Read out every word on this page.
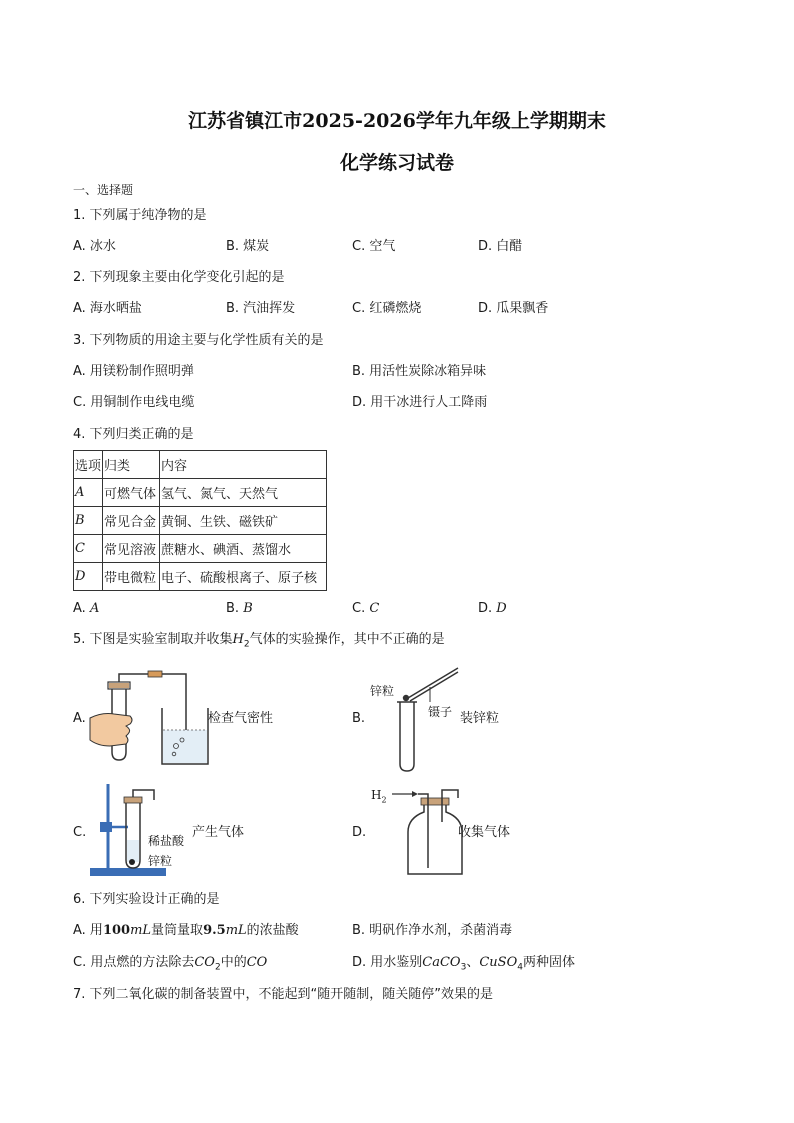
江苏省镇江市2025-2026学年九年级上学期期末
化学练习试卷
一、选择题
1. 下列属于纯净物的是
A. 冰水	B. 煤炭	C. 空气	D. 白醋
2. 下列现象主要由化学变化引起的是
A. 海水晒盐	B. 汽油挥发	C. 红磷燃烧	D. 瓜果飘香
3. 下列物质的用途主要与化学性质有关的是
A. 用镁粉制作照明弹	B. 用活性炭除冰箱异味
C. 用铜制作电线电缆	D. 用干冰进行人工降雨
4. 下列归类正确的是
选项	归类	内容
A	可燃气体	氢气、氮气、天然气
B	常见合金	黄铜、生铁、磁铁矿
C	常见溶液	蔗糖水、碘酒、蒸馏水
D	带电微粒	电子、硫酸根离子、原子核
A. A	B. B	C. C	D. D
5. 下图是实验室制取并收集$H_2$气体的实验操作，其中不正确的是
A.	检查气密性	B.
锌粒
镊子 装锌粒
C.
稀盐酸
锌粒
产生气体	D.
$H_2$
收集气体
6. 下列实验设计正确的是
A. 用100mL量筒量取9.5mL的浓盐酸	B. 明矾作净水剂，杀菌消毒
C. 用点燃的方法除去$CO_2$中的CO	D. 用水鉴别CaCO$_3$、CuSO$_4$两种固体
7. 下列二氧化碳的制备装置中，不能起到“随开随制，随关随停”效果的是
